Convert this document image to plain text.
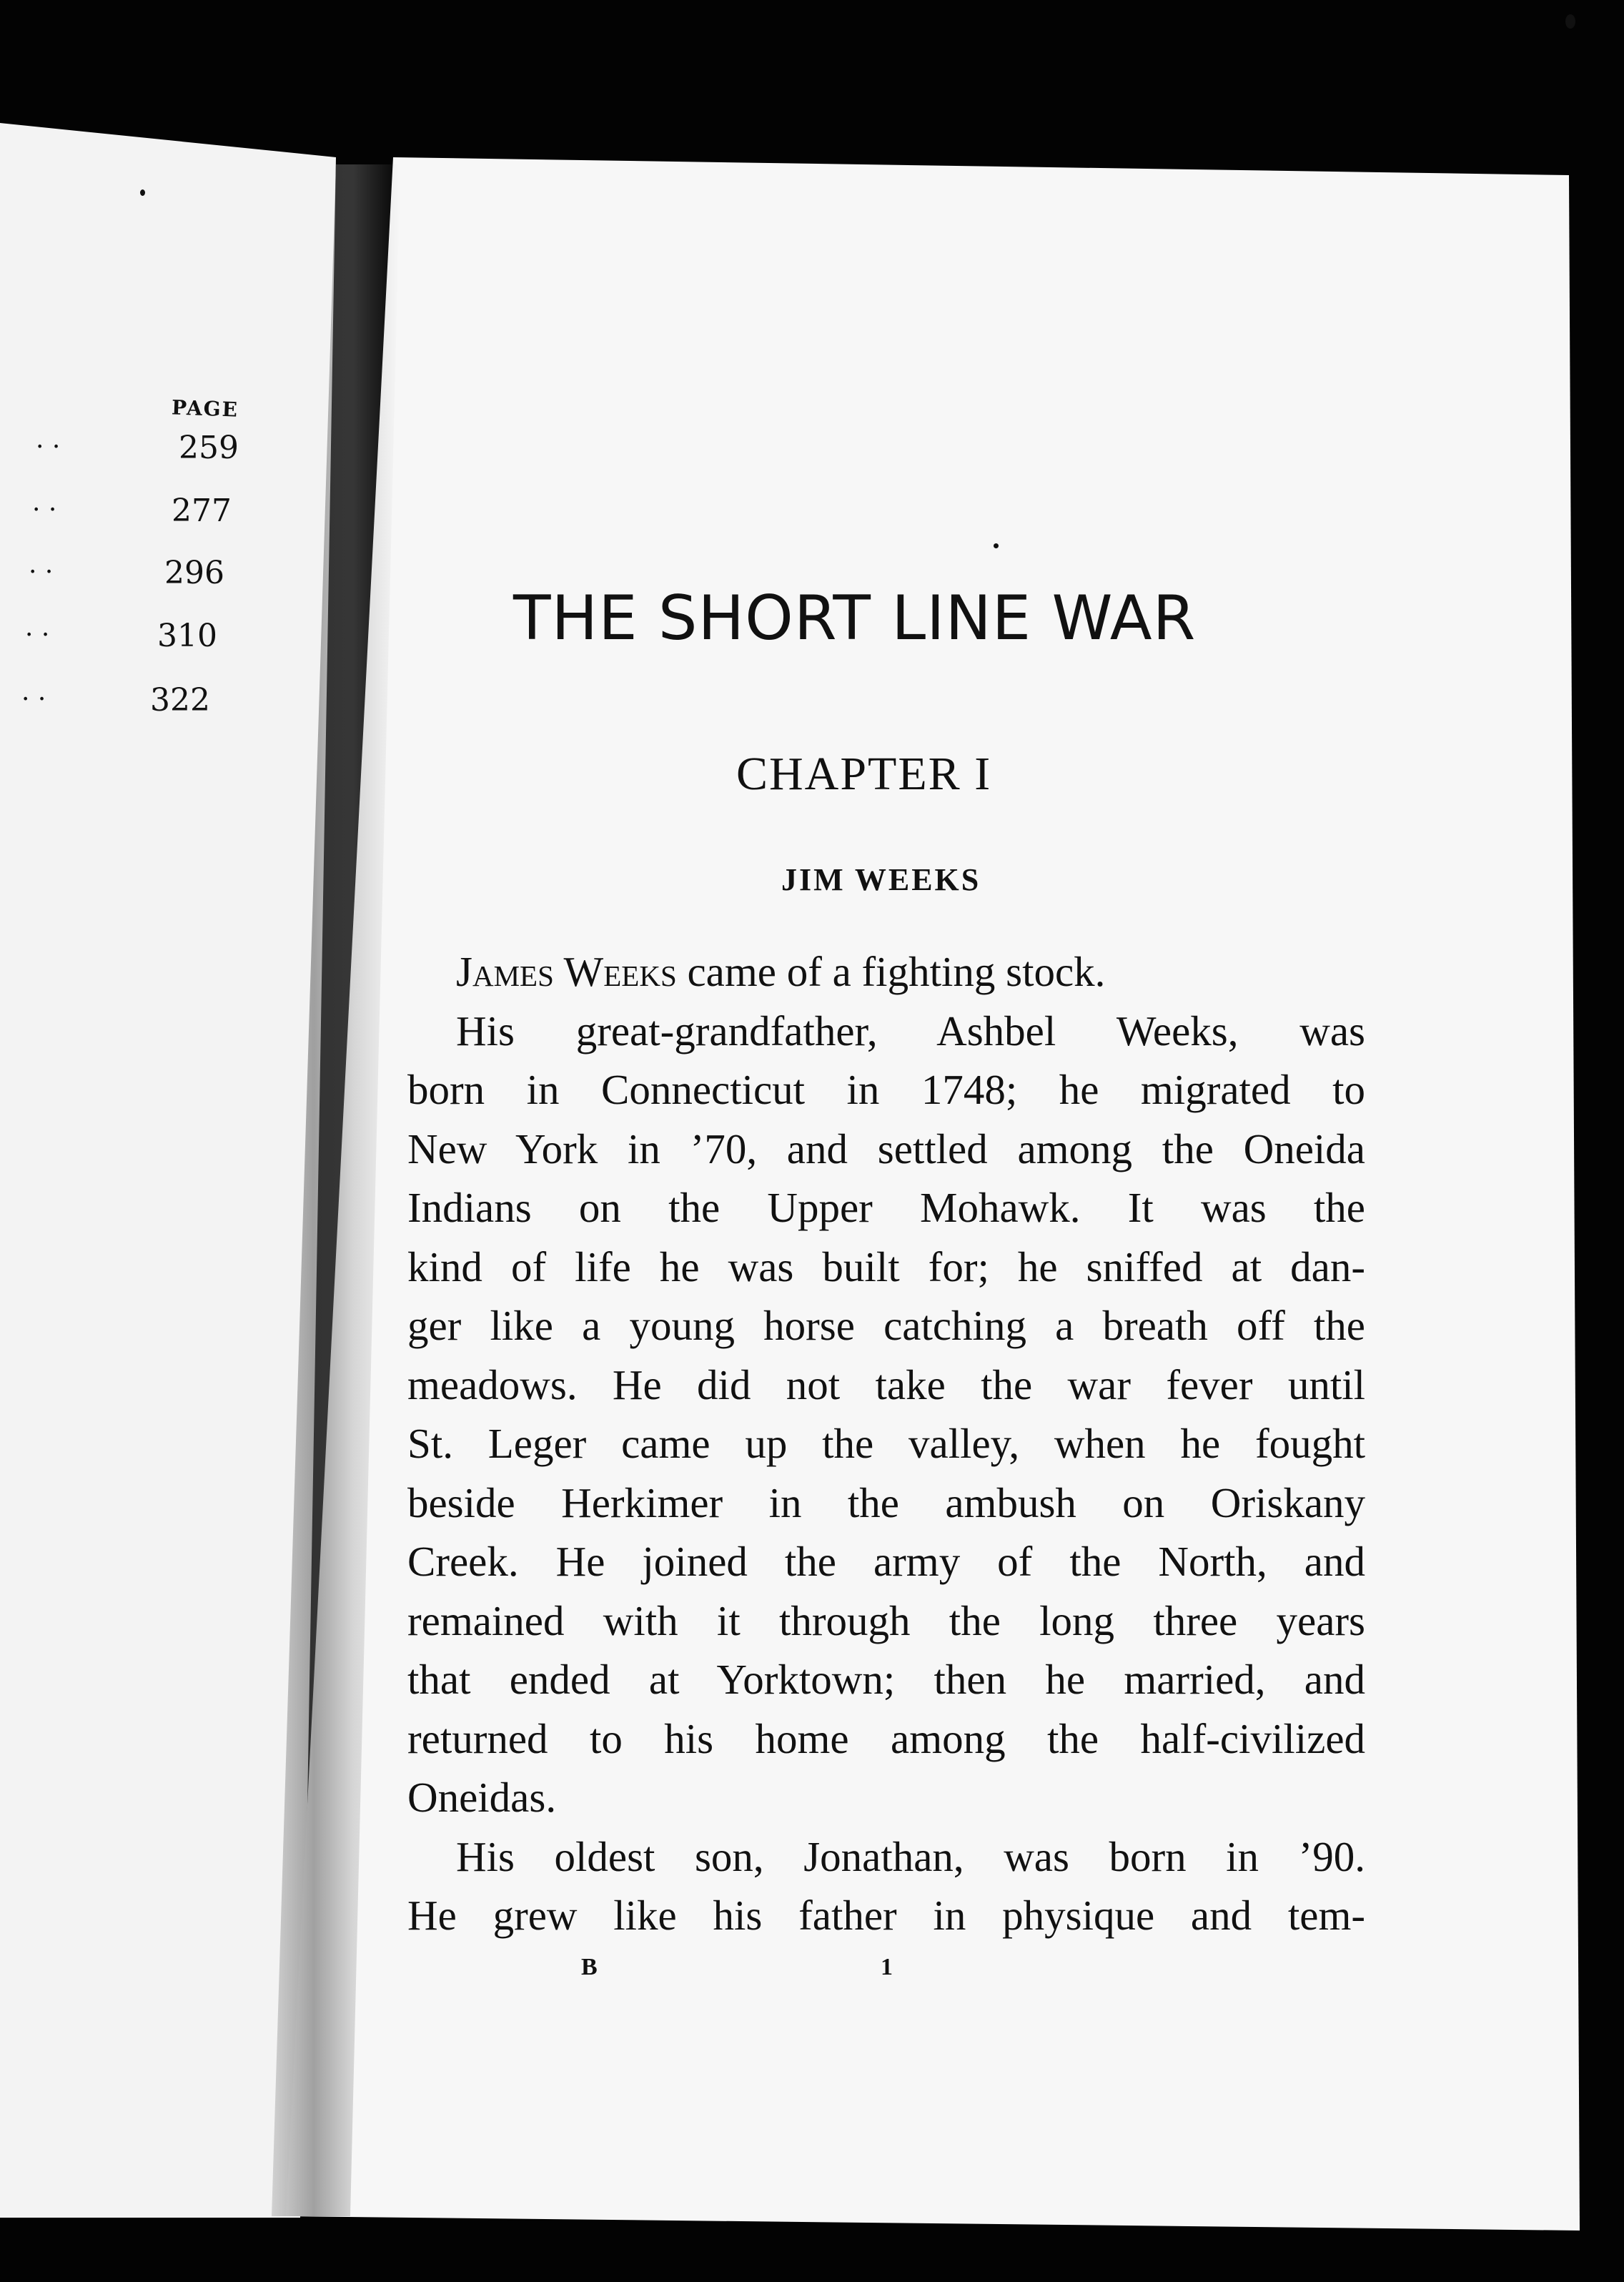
PAGE
· ·	259
· ·	277
· ·	296
· ·	310
· ·	322
THE SHORT LINE WAR
CHAPTER I
JIM WEEKS
James Weeks came of a fighting stock.
His great-grandfather, Ashbel Weeks, was
born in Connecticut in 1748; he migrated to
New York in ’70, and settled among the Oneida
Indians on the Upper Mohawk. It was the
kind of life he was built for; he sniffed at dan-
ger like a young horse catching a breath off the
meadows. He did not take the war fever until
St. Leger came up the valley, when he fought
beside Herkimer in the ambush on Oriskany
Creek. He joined the army of the North, and
remained with it through the long three years
that ended at Yorktown; then he married, and
returned to his home among the half-civilized
Oneidas.
His oldest son, Jonathan, was born in ’90.
He grew like his father in physique and tem-
B	1
